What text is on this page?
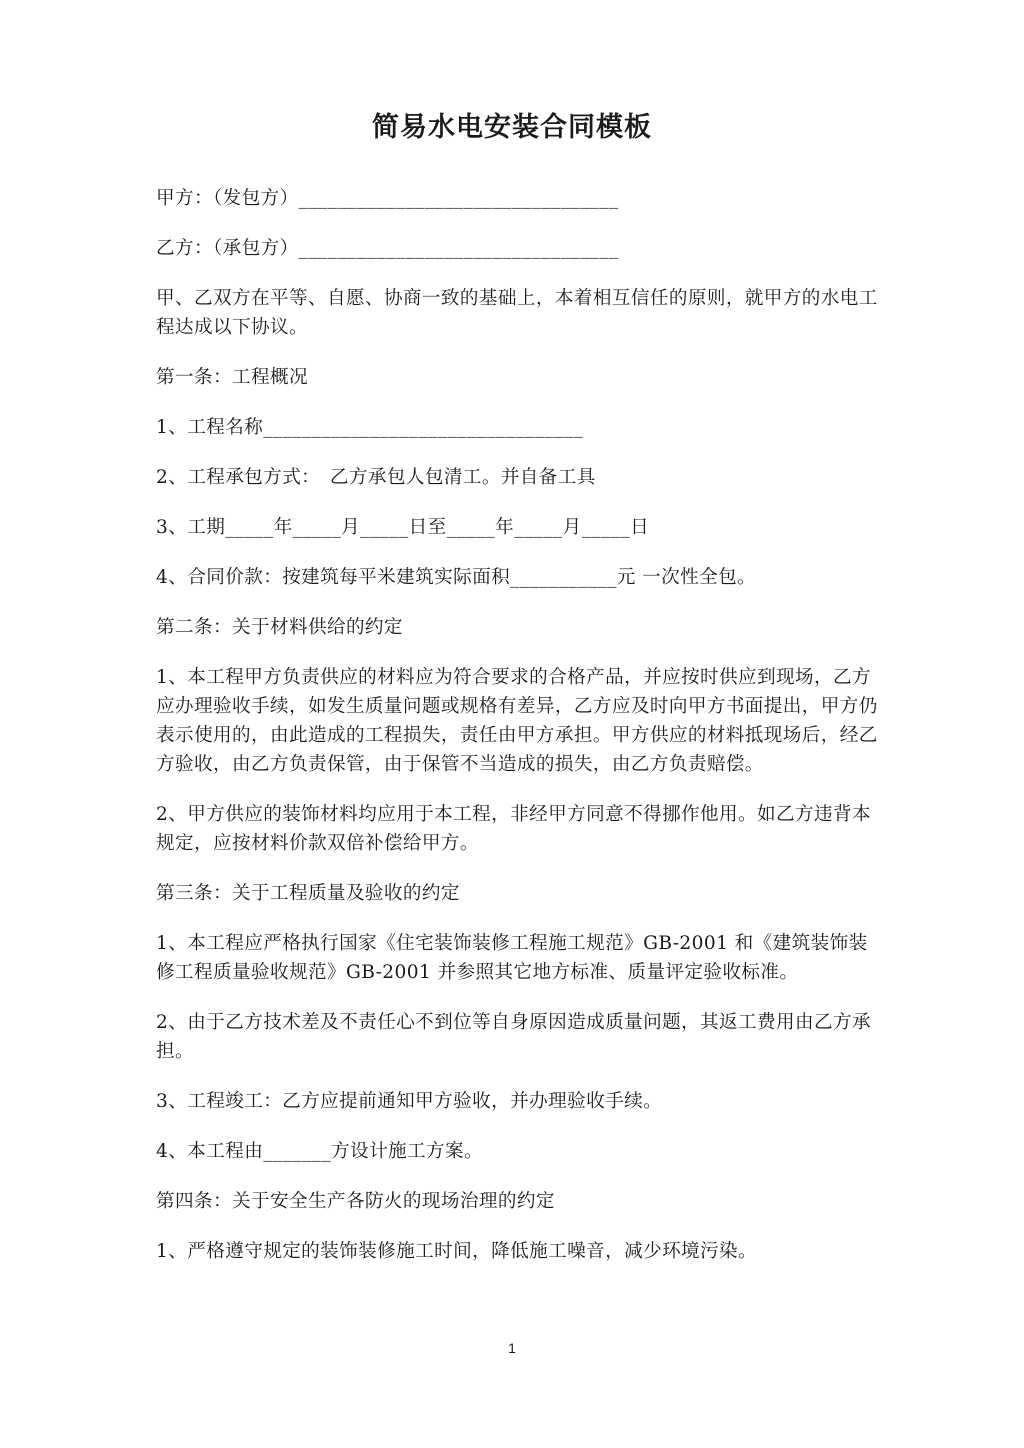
简易水电安装合同模板

甲方：（发包方）_________________________________

乙方：（承包方）_________________________________

甲、乙双方在平等、自愿、协商一致的基础上，本着相互信任的原则，就甲方的水电工程达成以下协议。

第一条：工程概况

1、工程名称_________________________________

2、工程承包方式：　乙方承包人包清工。并自备工具

3、工期_____年_____月_____日至_____年_____月_____日

4、合同价款：按建筑每平米建筑实际面积___________元 一次性全包。

第二条：关于材料供给的约定

1、本工程甲方负责供应的材料应为符合要求的合格产品，并应按时供应到现场，乙方应办理验收手续，如发生质量问题或规格有差异，乙方应及时向甲方书面提出，甲方仍表示使用的，由此造成的工程损失，责任由甲方承担。甲方供应的材料抵现场后，经乙方验收，由乙方负责保管，由于保管不当造成的损失，由乙方负责赔偿。

2、甲方供应的装饰材料均应用于本工程，非经甲方同意不得挪作他用。如乙方违背本规定，应按材料价款双倍补偿给甲方。

第三条：关于工程质量及验收的约定

1、本工程应严格执行国家《住宅装饰装修工程施工规范》GB-2001 和《建筑装饰装修工程质量验收规范》GB-2001 并参照其它地方标准、质量评定验收标准。

2、由于乙方技术差及不责任心不到位等自身原因造成质量问题，其返工费用由乙方承担。

3、工程竣工：乙方应提前通知甲方验收，并办理验收手续。

4、本工程由_______方设计施工方案。

第四条：关于安全生产各防火的现场治理的约定

1、严格遵守规定的装饰装修施工时间，降低施工噪音，减少环境污染。

1
